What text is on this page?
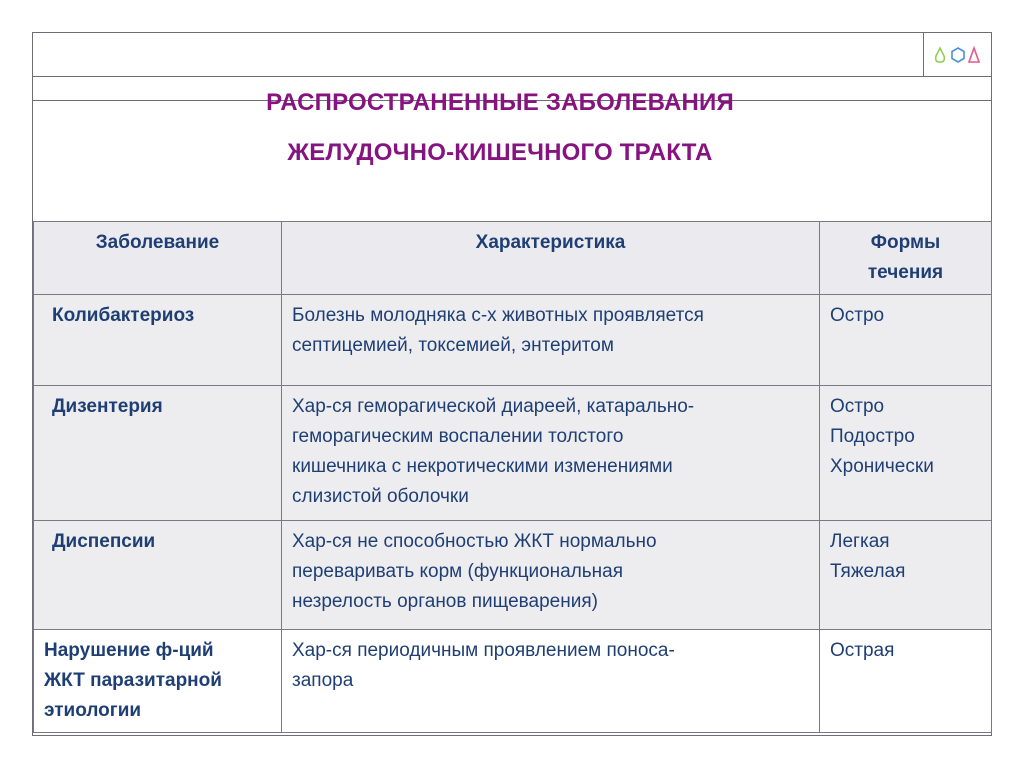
РАСПРОСТРАНЕННЫЕ ЗАБОЛЕВАНИЯ
ЖЕЛУДОЧНО-КИШЕЧНОГО ТРАКТА
Заболевание	Характеристика	Формы течения

Колибактериоз	Болезнь молодняка с-х животных проявляется
септицемией, токсемией, энтеритом	Остро

Дизентерия	Хар-ся геморагической диареей, катарально-
геморагическим воспалении толстого
кишечника с некротическими изменениями
слизистой оболочки	Остро
Подостро
Хронически

Диспепсии	Хар-ся не способностью ЖКТ нормально
переваривать корм (функциональная
незрелость органов пищеварения)	Легкая
Тяжелая

Нарушение ф-ций
ЖКТ паразитарной
этиологии	Хар-ся периодичным проявлением поноса-
запора	Острая
